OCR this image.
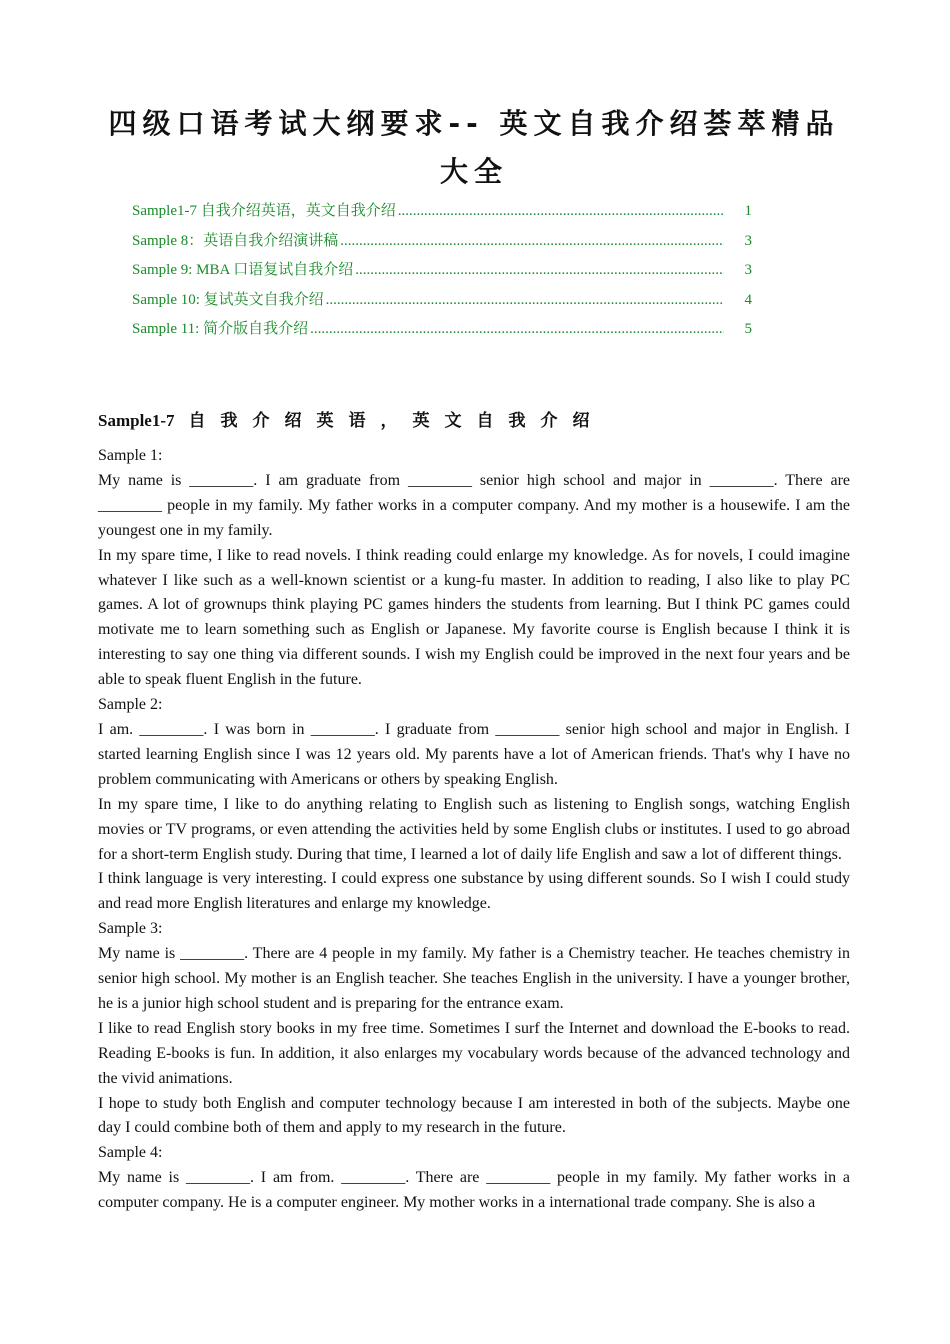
四级口语考试大纲要求-- 英文自我介绍荟萃精品大全
Sample1-7 自我介绍英语，英文自我介绍 .....	1
Sample 8：英语自我介绍演讲稿 .....	3
Sample 9: MBA 口语复试自我介绍 .....	3
Sample 10: 复试英文自我介绍 .....	4
Sample 11: 简介版自我介绍 .....	5
Sample1-7 自我介绍英语，英文自我介绍

Sample 1:

My name is ________. I am graduate from ________ senior high school and major in ________. There are ________ people in my family. My father works in a computer company. And my mother is a housewife. I am the youngest one in my family.

In my spare time, I like to read novels. I think reading could enlarge my knowledge. As for novels, I could imagine whatever I like such as a well-known scientist or a kung-fu master. In addition to reading, I also like to play PC games. A lot of grownups think playing PC games hinders the students from learning. But I think PC games could motivate me to learn something such as English or Japanese. My favorite course is English because I think it is interesting to say one thing via different sounds. I wish my English could be improved in the next four years and be able to speak fluent English in the future.

Sample 2:

I am. ________. I was born in ________. I graduate from ________ senior high school and major in English. I started learning English since I was 12 years old. My parents have a lot of American friends. That's why I have no problem communicating with Americans or others by speaking English.

In my spare time, I like to do anything relating to English such as listening to English songs, watching English movies or TV programs, or even attending the activities held by some English clubs or institutes. I used to go abroad for a short-term English study. During that time, I learned a lot of daily life English and saw a lot of different things.

I think language is very interesting. I could express one substance by using different sounds. So I wish I could study and read more English literatures and enlarge my knowledge.

Sample 3:

My name is ________. There are 4 people in my family. My father is a Chemistry teacher. He teaches chemistry in senior high school. My mother is an English teacher. She teaches English in the university. I have a younger brother, he is a junior high school student and is preparing for the entrance exam.

I like to read English story books in my free time. Sometimes I surf the Internet and download the E-books to read. Reading E-books is fun. In addition, it also enlarges my vocabulary words because of the advanced technology and the vivid animations.

I hope to study both English and computer technology because I am interested in both of the subjects. Maybe one day I could combine both of them and apply to my research in the future.

Sample 4:

My name is ________. I am from. ________. There are ________ people in my family. My father works in a computer company. He is a computer engineer. My mother works in a international trade company. She is also a
